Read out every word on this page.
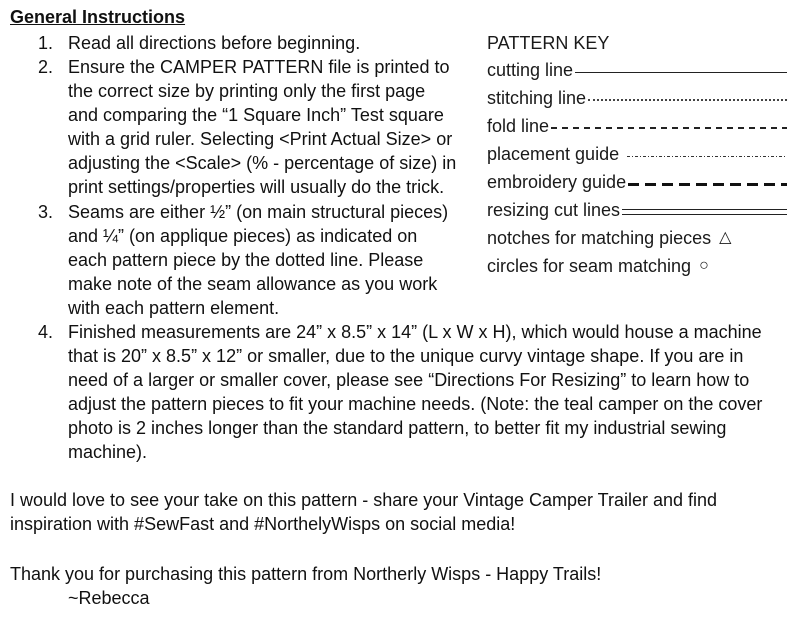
General Instructions
1. Read all directions before beginning.
2. Ensure the CAMPER PATTERN file is printed to
the correct size by printing only the first page
and comparing the “1 Square Inch” Test square
with a grid ruler. Selecting <Print Actual Size> or
adjusting the <Scale> (% - percentage of size) in
print settings/properties will usually do the trick.
3. Seams are either ½” (on main structural pieces)
and ¼” (on applique pieces) as indicated on
each pattern piece by the dotted line. Please
make note of the seam allowance as you work
with each pattern element.
4. Finished measurements are 24” x 8.5” x 14” (L x W x H), which would house a machine
that is 20” x 8.5” x 12” or smaller, due to the unique curvy vintage shape. If you are in
need of a larger or smaller cover, please see “Directions For Resizing” to learn how to
adjust the pattern pieces to fit your machine needs. (Note: the teal camper on the cover
photo is 2 inches longer than the standard pattern, to better fit my industrial sewing
machine).
I would love to see your take on this pattern - share your Vintage Camper Trailer and find
inspiration with #SewFast and #NorthelyWisps on social media!
Thank you for purchasing this pattern from Northerly Wisps - Happy Trails!
~Rebecca
PATTERN KEY
cutting line
stitching line
fold line
placement guide
embroidery guide
resizing cut lines
notches for matching pieces △
circles for seam matching ○
